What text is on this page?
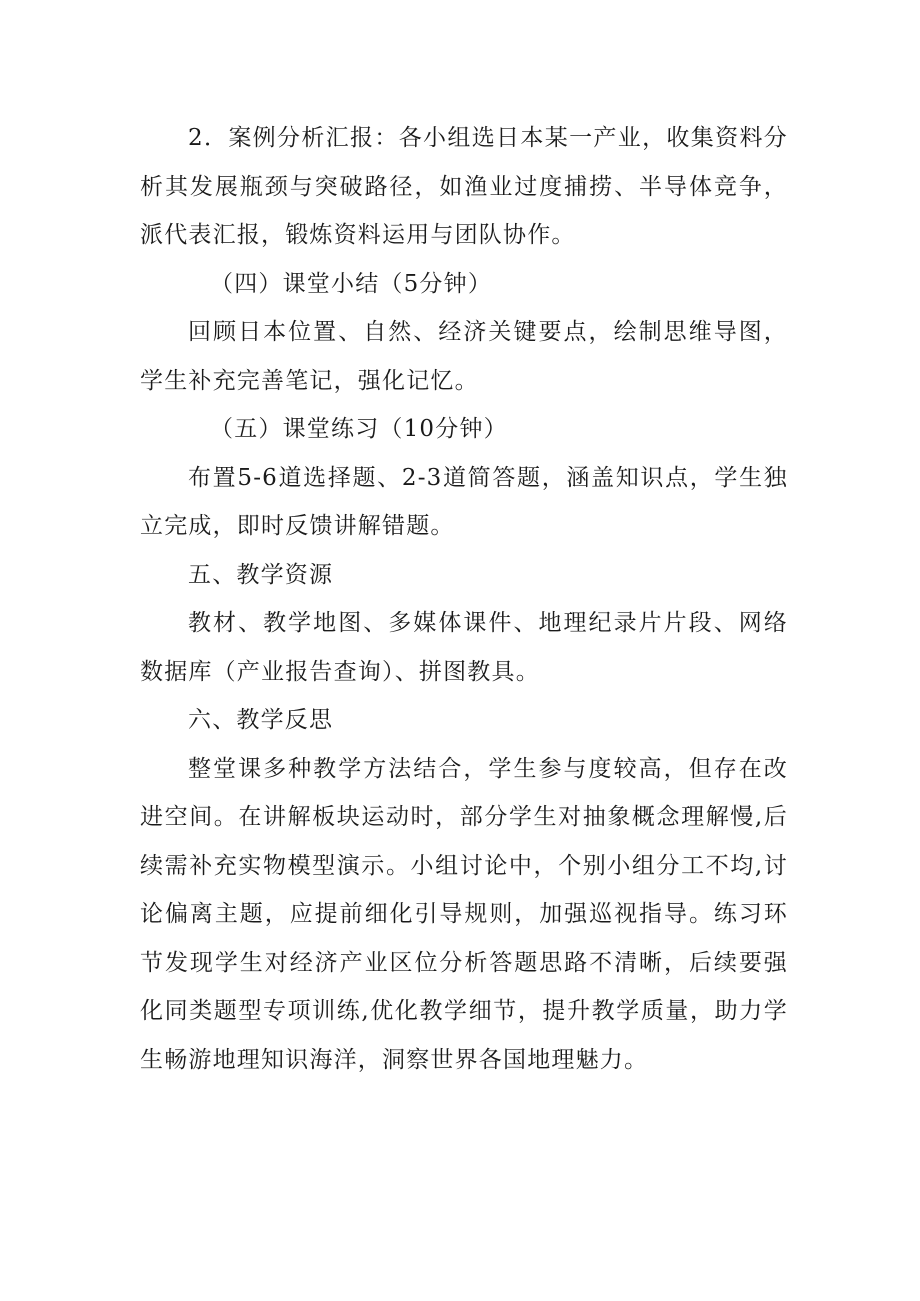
2．案例分析汇报：各小组选日本某一产业，收集资料分析其发展瓶颈与突破路径，如渔业过度捕捞、半导体竞争，派代表汇报，锻炼资料运用与团队协作。

（四）课堂小结（5分钟）

回顾日本位置、自然、经济关键要点，绘制思维导图，学生补充完善笔记，强化记忆。

（五）课堂练习（10分钟）

布置5-6道选择题、2-3道简答题，涵盖知识点，学生独立完成，即时反馈讲解错题。

五、教学资源

教材、教学地图、多媒体课件、地理纪录片片段、网络数据库（产业报告查询）、拼图教具。

六、教学反思

整堂课多种教学方法结合，学生参与度较高，但存在改进空间。在讲解板块运动时，部分学生对抽象概念理解慢,后续需补充实物模型演示。小组讨论中，个别小组分工不均,讨论偏离主题，应提前细化引导规则，加强巡视指导。练习环节发现学生对经济产业区位分析答题思路不清晰，后续要强化同类题型专项训练,优化教学细节，提升教学质量，助力学生畅游地理知识海洋，洞察世界各国地理魅力。
